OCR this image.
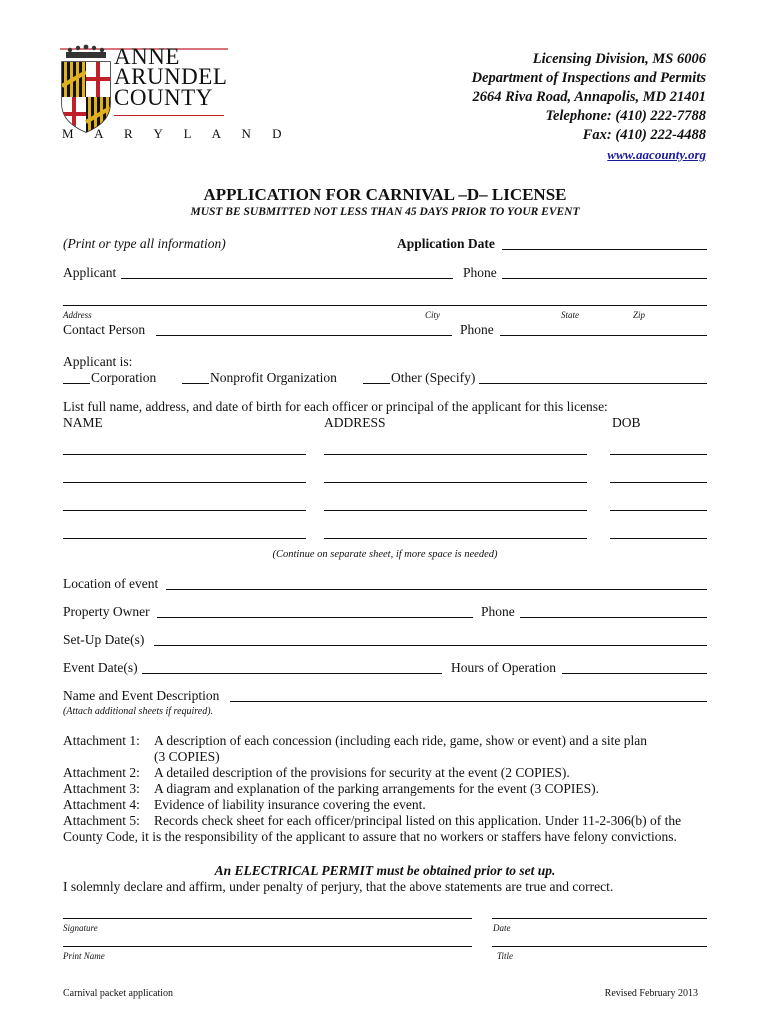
ANNE
ARUNDEL
COUNTY
M A R Y L A N D
Licensing Division, MS 6006
Department of Inspections and Permits
2664 Riva Road, Annapolis, MD 21401
Telephone: (410) 222-7788
Fax: (410) 222-4488
www.aacounty.org
APPLICATION FOR CARNIVAL –D– LICENSE
MUST BE SUBMITTED NOT LESS THAN 45 DAYS PRIOR TO YOUR EVENT
(Print or type all information)	Application Date
Applicant	Phone
Address	City	State	Zip
Contact Person	Phone
Applicant is:
Corporation	Nonprofit Organization	Other (Specify)
List full name, address, and date of birth for each officer or principal of the applicant for this license:
NAME	ADDRESS	DOB
(Continue on separate sheet, if more space is needed)
Location of event
Property Owner	Phone
Set-Up Date(s)
Event Date(s)	Hours of Operation
Name and Event Description
(Attach additional sheets if required).
Attachment 1: A description of each concession (including each ride, game, show or event) and a site plan
(3 COPIES)
Attachment 2: A detailed description of the provisions for security at the event (2 COPIES).
Attachment 3: A diagram and explanation of the parking arrangements for the event (3 COPIES).
Attachment 4: Evidence of liability insurance covering the event.
Attachment 5: Records check sheet for each officer/principal listed on this application. Under 11-2-306(b) of the
County Code, it is the responsibility of the applicant to assure that no workers or staffers have felony convictions.
An ELECTRICAL PERMIT must be obtained prior to set up.
I solemnly declare and affirm, under penalty of perjury, that the above statements are true and correct.
Signature	Date
Print Name	Title
Carnival packet application	Revised February 2013
